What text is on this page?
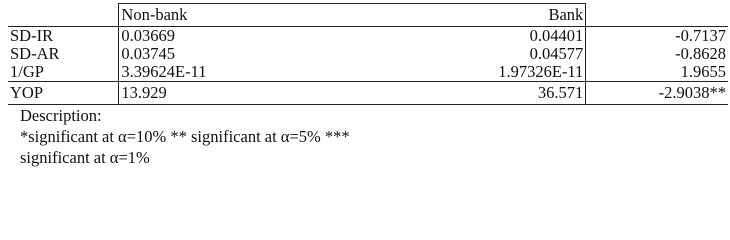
	Non-bank	Bank	
SD-IR	0.03669	0.04401	-0.7137
SD-AR	0.03745	0.04577	-0.8628
1/GP	3.39624E-11	1.97326E-11	1.9655
YOP	13.929	36.571	-2.9038**

Description:
*significant at α=10% ** significant at α=5% ***
significant at α=1%			
